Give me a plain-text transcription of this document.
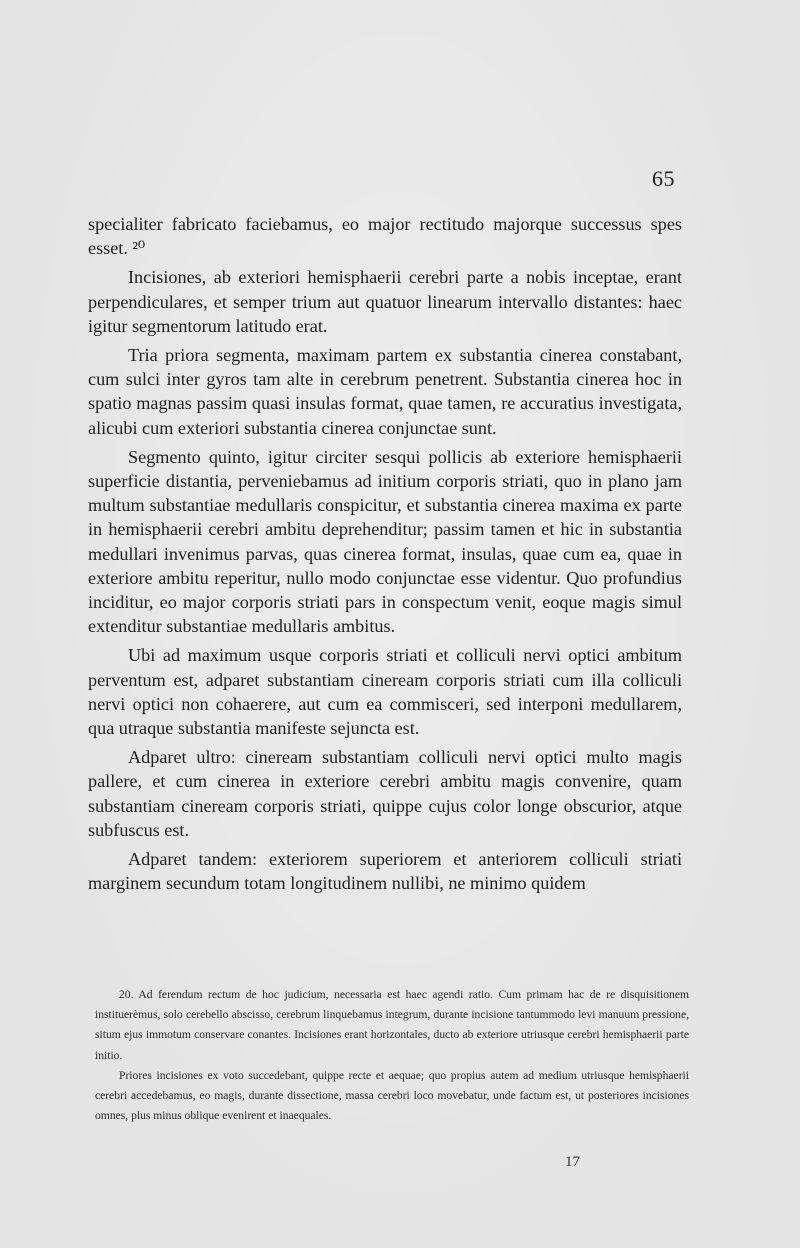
65

specialiter fabricato faciebamus, eo major rectitudo majorque successus spes esset. ²⁰

Incisiones, ab exteriori hemisphaerii cerebri parte a nobis inceptae, erant perpendiculares, et semper trium aut quatuor linearum intervallo distantes: haec igitur segmentorum latitudo erat.

Tria priora segmenta, maximam partem ex substantia cinerea constabant, cum sulci inter gyros tam alte in cerebrum penetrent. Substantia cinerea hoc in spatio magnas passim quasi insulas format, quae tamen, re accuratius investigata, alicubi cum exteriori substantia cinerea conjunctae sunt.

Segmento quinto, igitur circiter sesqui pollicis ab exteriore hemisphaerii superficie distantia, perveniebamus ad initium corporis striati, quo in plano jam multum substantiae medullaris conspicitur, et substantia cinerea maxima ex parte in hemisphaerii cerebri ambitu deprehenditur; passim tamen et hic in substantia medullari invenimus parvas, quas cinerea format, insulas, quae cum ea, quae in exteriore ambitu reperitur, nullo modo conjunctae esse videntur. Quo profundius inciditur, eo major corporis striati pars in conspectum venit, eoque magis simul extenditur substantiae medullaris ambitus.

Ubi ad maximum usque corporis striati et colliculi nervi optici ambitum perventum est, adparet substantiam cineream corporis striati cum illa colliculi nervi optici non cohaerere, aut cum ea commisceri, sed interponi medullarem, qua utraque substantia manifeste sejuncta est.

Adparet ultro: cineream substantiam colliculi nervi optici multo magis pallere, et cum cinerea in exteriore cerebri ambitu magis convenire, quam substantiam cineream corporis striati, quippe cujus color longe obscurior, atque subfuscus est.

Adparet tandem: exteriorem superiorem et anteriorem colliculi striati marginem secundum totam longitudinem nullibi, ne minimo quidem

20. Ad ferendum rectum de hoc judicium, necessaria est haec agendi ratio. Cum primam hac de re disquisitionem instituerèmus, solo cerebello abscisso, cerebrum linquebamus integrum, durante incisione tantummodo levi manuum pressione, situm ejus immotum conservare conantes. Incisiones erant horizontales, ducto ab exteriore utriusque cerebri hemisphaerii parte initio.

Priores incisiones ex voto succedebant, quippe recte et aequae; quo propius autem ad medium utriusque hemisphaerii cerebri accedebamus, eo magis, durante dissectione, massa cerebri loco movebatur, unde factum est, ut posteriores incisiones omnes, plus minus oblique evenirent et inaequales.

17
